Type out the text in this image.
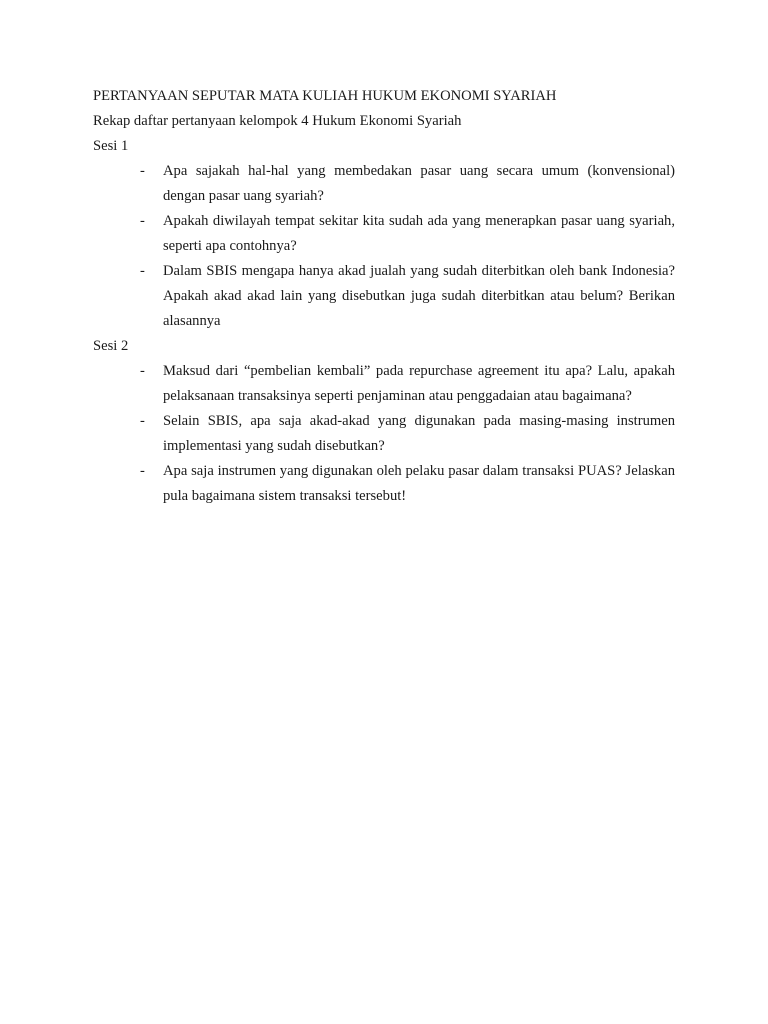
PERTANYAAN SEPUTAR MATA KULIAH HUKUM EKONOMI SYARIAH

Rekap daftar pertanyaan kelompok 4 Hukum Ekonomi Syariah

Sesi 1

- Apa sajakah hal-hal yang membedakan pasar uang secara umum (konvensional) dengan pasar uang syariah?
- Apakah diwilayah tempat sekitar kita sudah ada yang menerapkan pasar uang syariah, seperti apa contohnya?
- Dalam SBIS mengapa hanya akad jualah yang sudah diterbitkan oleh bank Indonesia? Apakah akad akad lain yang disebutkan juga sudah diterbitkan atau belum? Berikan alasannya

Sesi 2

- Maksud dari “pembelian kembali” pada repurchase agreement itu apa? Lalu, apakah pelaksanaan transaksinya seperti penjaminan atau penggadaian atau bagaimana?
- Selain SBIS, apa saja akad-akad yang digunakan pada masing-masing instrumen implementasi yang sudah disebutkan?
- Apa saja instrumen yang digunakan oleh pelaku pasar dalam transaksi PUAS? Jelaskan pula bagaimana sistem transaksi tersebut!
